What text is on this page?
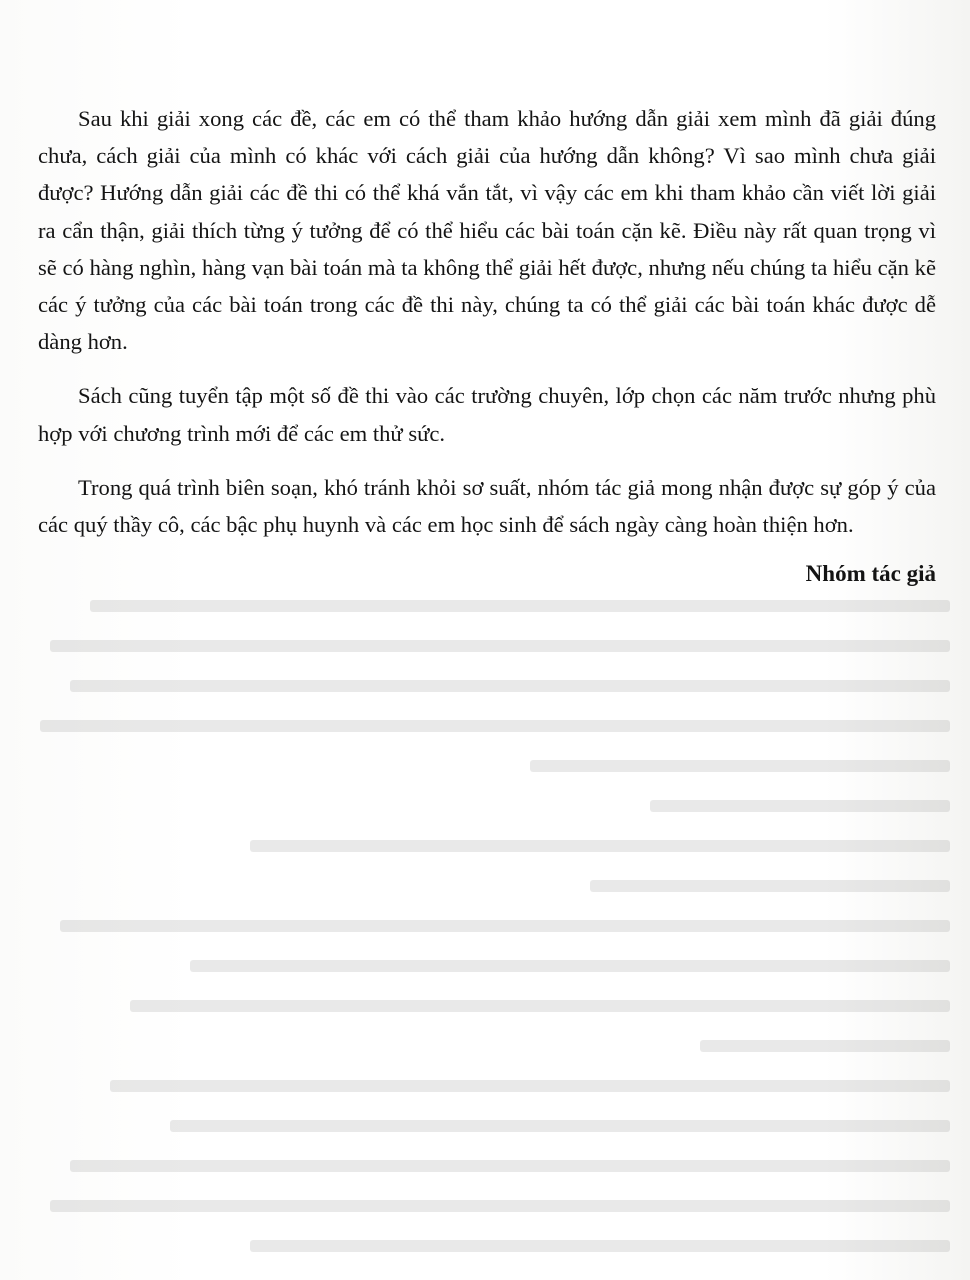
Sau khi giải xong các đề, các em có thể tham khảo hướng dẫn giải xem mình đã giải đúng chưa, cách giải của mình có khác với cách giải của hướng dẫn không? Vì sao mình chưa giải được? Hướng dẫn giải các đề thi có thể khá vắn tắt, vì vậy các em khi tham khảo cần viết lời giải ra cẩn thận, giải thích từng ý tưởng để có thể hiểu các bài toán cặn kẽ. Điều này rất quan trọng vì sẽ có hàng nghìn, hàng vạn bài toán mà ta không thể giải hết được, nhưng nếu chúng ta hiểu cặn kẽ các ý tưởng của các bài toán trong các đề thi này, chúng ta có thể giải các bài toán khác được dễ dàng hơn.

Sách cũng tuyển tập một số đề thi vào các trường chuyên, lớp chọn các năm trước nhưng phù hợp với chương trình mới để các em thử sức.

Trong quá trình biên soạn, khó tránh khỏi sơ suất, nhóm tác giả mong nhận được sự góp ý của các quý thầy cô, các bậc phụ huynh và các em học sinh để sách ngày càng hoàn thiện hơn.

Nhóm tác giả
